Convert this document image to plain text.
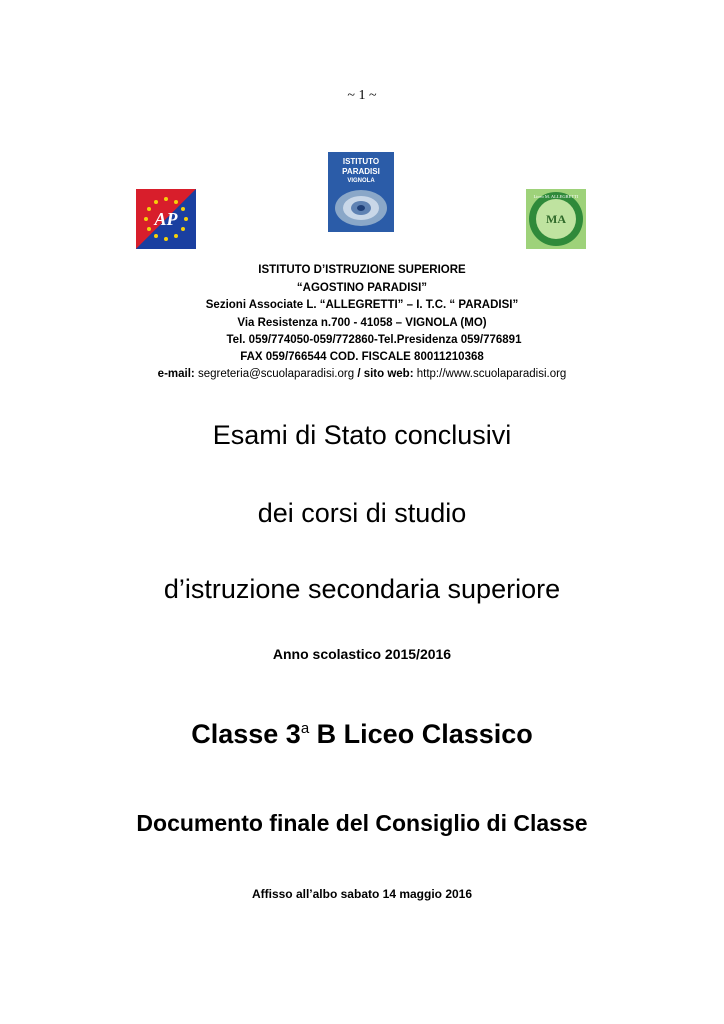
~ 1 ~
AP
ISTITUTO
PARADISI
VIGNOLA
MA
Liceo M. ALLEGRETTI
ISTITUTO D’ISTRUZIONE SUPERIORE
“AGOSTINO PARADISI”
Sezioni Associate L. “ALLEGRETTI” – I. T.C. “ PARADISI”
Via Resistenza n.700 - 41058 – VIGNOLA (MO)
Tel. 059/774050-059/772860-Tel.Presidenza 059/776891
FAX 059/766544 COD. FISCALE 80011210368
e-mail: segreteria@scuolaparadisi.org / sito web: http://www.scuolaparadisi.org
Esami di Stato conclusivi
dei corsi di studio
d’istruzione secondaria superiore
Anno scolastico 2015/2016
Classe 3$^a$ B Liceo Classico
Documento finale del Consiglio di Classe
Affisso all’albo sabato 14 maggio 2016
